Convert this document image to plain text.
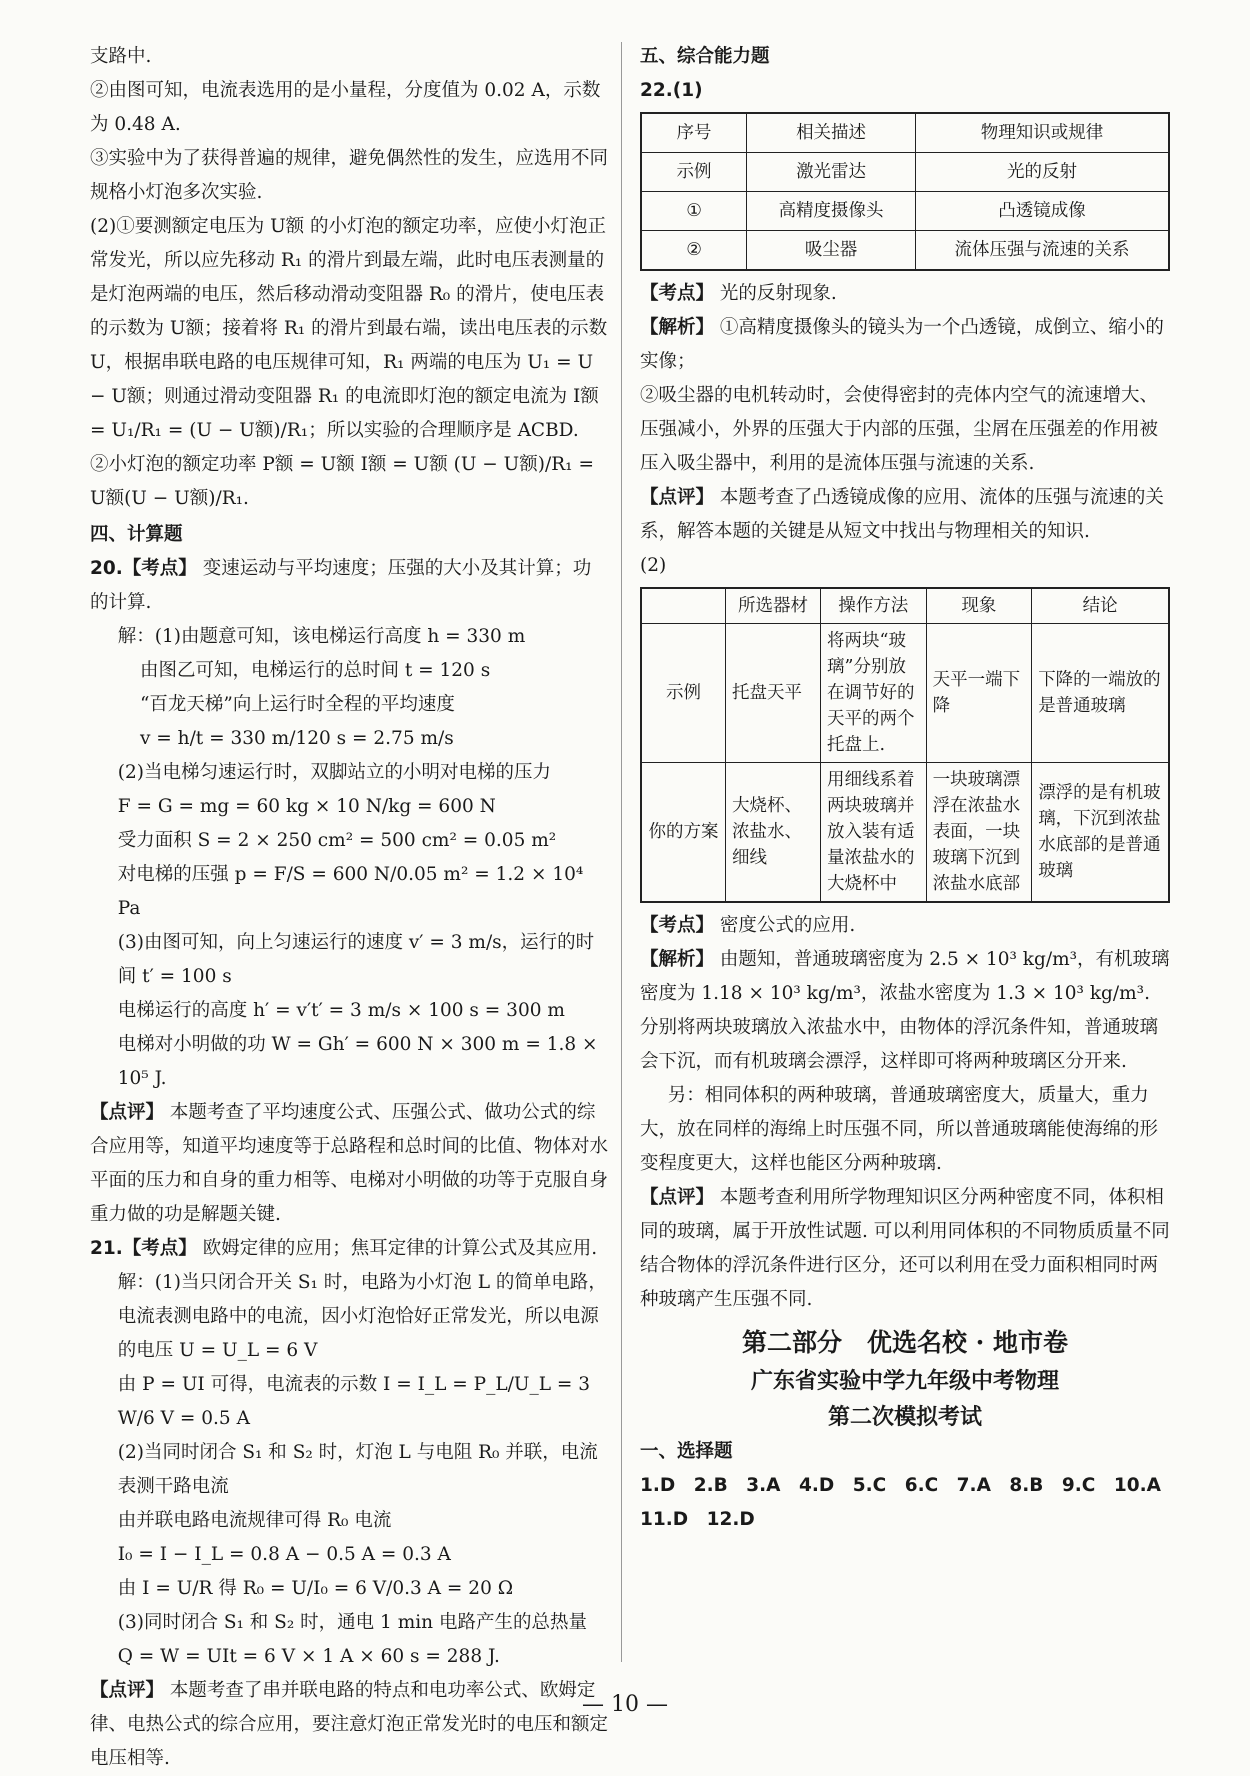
支路中.

②由图可知，电流表选用的是小量程，分度值为 0.02 A，示数为 0.48 A.

③实验中为了获得普遍的规律，避免偶然性的发生，应选用不同规格小灯泡多次实验.

(2)①要测额定电压为 U额 的小灯泡的额定功率，应使小灯泡正常发光，所以应先移动 R₁ 的滑片到最左端，此时电压表测量的是灯泡两端的电压，然后移动滑动变阻器 R₀ 的滑片，使电压表的示数为 U额；接着将 R₁ 的滑片到最右端，读出电压表的示数 U，根据串联电路的电压规律可知，R₁ 两端的电压为 U₁ = U − U额；则通过滑动变阻器 R₁ 的电流即灯泡的额定电流为 I额 = U₁/R₁ = (U − U额)/R₁；所以实验的合理顺序是 ACBD.

②小灯泡的额定功率 P额 = U额 I额 = U额 (U − U额)/R₁ = U额(U − U额)/R₁.

四、计算题

20.【考点】 变速运动与平均速度；压强的大小及其计算；功的计算.

解：(1)由题意可知，该电梯运行高度 h = 330 m

由图乙可知，电梯运行的总时间 t = 120 s

“百龙天梯”向上运行时全程的平均速度

v = h/t = 330 m/120 s = 2.75 m/s

(2)当电梯匀速运行时，双脚站立的小明对电梯的压力

F = G = mg = 60 kg × 10 N/kg = 600 N

受力面积 S = 2 × 250 cm² = 500 cm² = 0.05 m²

对电梯的压强 p = F/S = 600 N/0.05 m² = 1.2 × 10⁴ Pa

(3)由图可知，向上匀速运行的速度 v′ = 3 m/s，运行的时间 t′ = 100 s

电梯运行的高度 h′ = v′t′ = 3 m/s × 100 s = 300 m

电梯对小明做的功 W = Gh′ = 600 N × 300 m = 1.8 × 10⁵ J.

【点评】 本题考查了平均速度公式、压强公式、做功公式的综合应用等，知道平均速度等于总路程和总时间的比值、物体对水平面的压力和自身的重力相等、电梯对小明做的功等于克服自身重力做的功是解题关键.

21.【考点】 欧姆定律的应用；焦耳定律的计算公式及其应用.

解：(1)当只闭合开关 S₁ 时，电路为小灯泡 L 的简单电路，电流表测电路中的电流，因小灯泡恰好正常发光，所以电源的电压 U = U_L = 6 V

由 P = UI 可得，电流表的示数 I = I_L = P_L/U_L = 3 W/6 V = 0.5 A

(2)当同时闭合 S₁ 和 S₂ 时，灯泡 L 与电阻 R₀ 并联，电流表测干路电流

由并联电路电流规律可得 R₀ 电流

I₀ = I − I_L = 0.8 A − 0.5 A = 0.3 A

由 I = U/R 得 R₀ = U/I₀ = 6 V/0.3 A = 20 Ω

(3)同时闭合 S₁ 和 S₂ 时，通电 1 min 电路产生的总热量

Q = W = UIt = 6 V × 1 A × 60 s = 288 J.

【点评】 本题考查了串并联电路的特点和电功率公式、欧姆定律、电热公式的综合应用，要注意灯泡正常发光时的电压和额定电压相等.

五、综合能力题

22.(1)

序号	相关描述	物理知识或规律
示例	激光雷达	光的反射
①	高精度摄像头	凸透镜成像
②	吸尘器	流体压强与流速的关系

【考点】 光的反射现象.

【解析】 ①高精度摄像头的镜头为一个凸透镜，成倒立、缩小的实像；

②吸尘器的电机转动时，会使得密封的壳体内空气的流速增大、压强减小，外界的压强大于内部的压强，尘屑在压强差的作用被压入吸尘器中，利用的是流体压强与流速的关系.

【点评】 本题考查了凸透镜成像的应用、流体的压强与流速的关系，解答本题的关键是从短文中找出与物理相关的知识.

(2)

	所选器材	操作方法	现象	结论
示例	托盘天平	将两块“玻璃”分别放在调节好的天平的两个托盘上.	天平一端下降	下降的一端放的是普通玻璃
你的方案	大烧杯、浓盐水、细线	用细线系着两块玻璃并放入装有适量浓盐水的大烧杯中	一块玻璃漂浮在浓盐水表面，一块玻璃下沉到浓盐水底部	漂浮的是有机玻璃，下沉到浓盐水底部的是普通玻璃

【考点】 密度公式的应用.

【解析】 由题知，普通玻璃密度为 2.5 × 10³ kg/m³，有机玻璃密度为 1.18 × 10³ kg/m³，浓盐水密度为 1.3 × 10³ kg/m³. 分别将两块玻璃放入浓盐水中，由物体的浮沉条件知，普通玻璃会下沉，而有机玻璃会漂浮，这样即可将两种玻璃区分开来.

另：相同体积的两种玻璃，普通玻璃密度大，质量大，重力大，放在同样的海绵上时压强不同，所以普通玻璃能使海绵的形变程度更大，这样也能区分两种玻璃.

【点评】 本题考查利用所学物理知识区分两种密度不同，体积相同的玻璃，属于开放性试题. 可以利用同体积的不同物质质量不同结合物体的浮沉条件进行区分，还可以利用在受力面积相同时两种玻璃产生压强不同.

第二部分　优选名校 · 地市卷

广东省实验中学九年级中考物理

第二次模拟考试

一、选择题

1.D　2.B　3.A　4.D　5.C　6.C　7.A　8.B　9.C　10.A

11.D　12.D

— 10 —
